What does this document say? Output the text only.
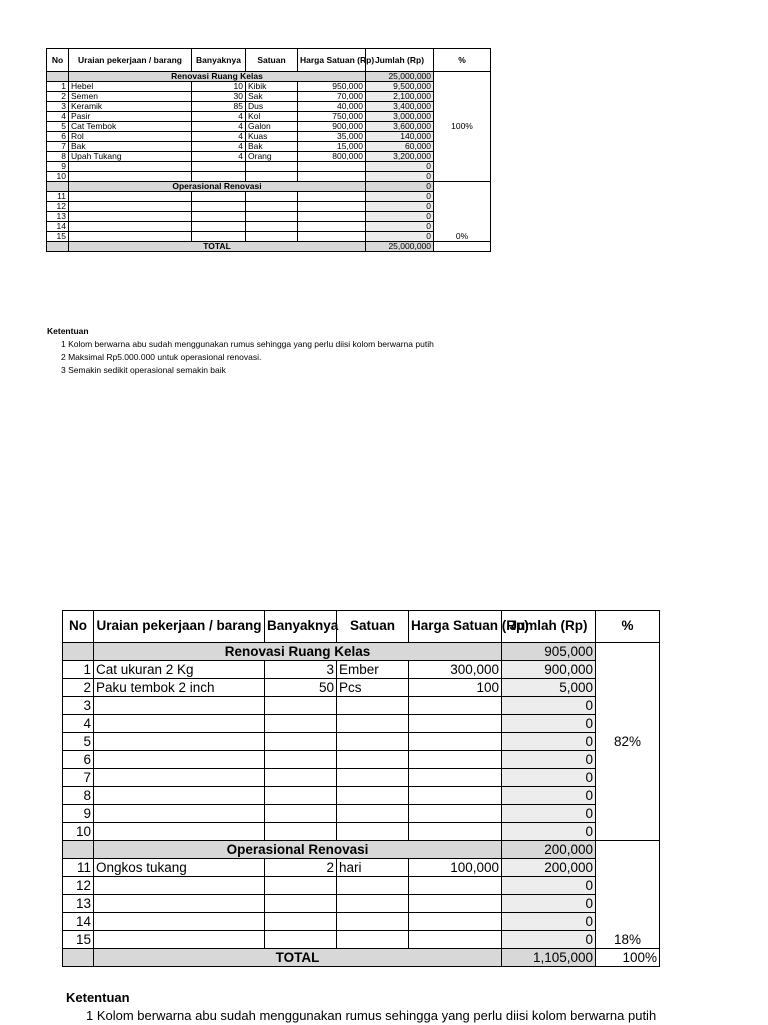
No	Uraian pekerjaan / barang	Banyaknya	Satuan	Harga Satuan (Rp)	Jumlah (Rp)	%
	Renovasi Ruang Kelas				25,000,000	100%
1	Hebel	10	Kibik	950,000	9,500,000	
2	Semen	30	Sak	70,000	2,100,000	
3	Keramik	85	Dus	40,000	3,400,000	
4	Pasir	4	Kol	750,000	3,000,000	
5	Cat Tembok	4	Galon	900,000	3,600,000	
6	Rol	4	Kuas	35,000	140,000	
7	Bak	4	Bak	15,000	60,000	
8	Upah Tukang	4	Orang	800,000	3,200,000	
9					0	
10					0	
	Operasional Renovasi				0	0%
11					0	
12					0	
13					0	
14					0	
15					0	
	TOTAL				25,000,000	
Ketentuan
1 Kolom berwarna abu sudah menggunakan rumus sehingga yang perlu diisi kolom berwarna putih
2 Maksimal Rp5.000.000 untuk operasional renovasi.
3 Semakin sedikit operasional semakin baik
No	Uraian pekerjaan / barang	Banyaknya	Satuan	Harga Satuan (Rp)	Jumlah (Rp)	%
	Renovasi Ruang Kelas				905,000	82%
1	Cat ukuran 2 Kg	3	Ember	300,000	900,000	
2	Paku tembok 2 inch	50	Pcs	100	5,000	
3					0	
4					0	
5					0	
6					0	
7					0	
8					0	
9					0	
10					0	
	Operasional Renovasi				200,000	18%
11	Ongkos tukang	2	hari	100,000	200,000	
12					0	
13					0	
14					0	
15					0	
	TOTAL				1,105,000	100%
Ketentuan
1 Kolom berwarna abu sudah menggunakan rumus sehingga yang perlu diisi kolom berwarna putih
